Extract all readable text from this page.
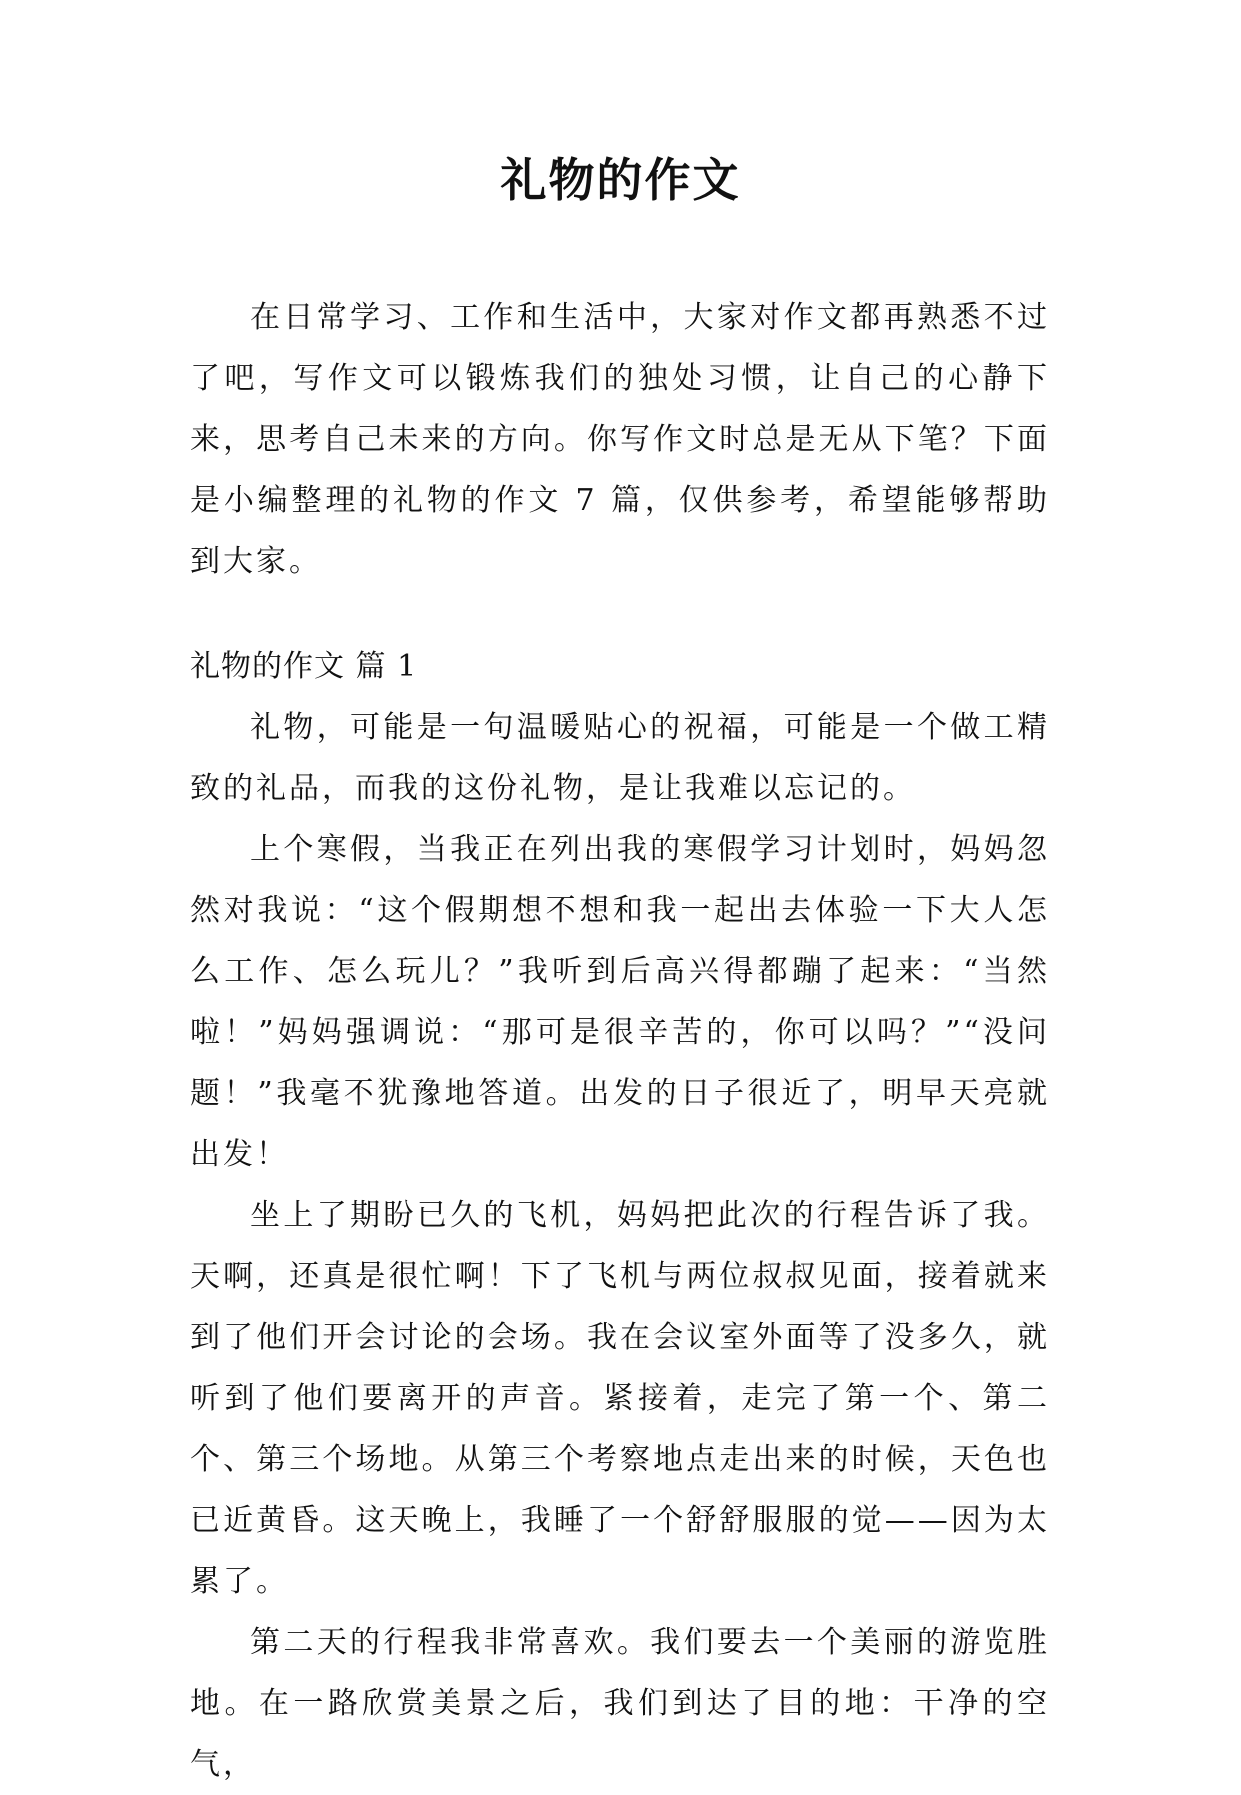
礼物的作文

在日常学习、工作和生活中，大家对作文都再熟悉不过了吧，写作文可以锻炼我们的独处习惯，让自己的心静下来，思考自己未来的方向。你写作文时总是无从下笔？下面是小编整理的礼物的作文 7 篇，仅供参考，希望能够帮助到大家。

礼物的作文 篇 1

礼物，可能是一句温暖贴心的祝福，可能是一个做工精致的礼品，而我的这份礼物，是让我难以忘记的。

上个寒假，当我正在列出我的寒假学习计划时，妈妈忽然对我说：“这个假期想不想和我一起出去体验一下大人怎么工作、怎么玩儿？”我听到后高兴得都蹦了起来：“当然啦！”妈妈强调说：“那可是很辛苦的，你可以吗？”“没问题！”我毫不犹豫地答道。出发的日子很近了，明早天亮就出发！

坐上了期盼已久的飞机，妈妈把此次的行程告诉了我。天啊，还真是很忙啊！下了飞机与两位叔叔见面，接着就来到了他们开会讨论的会场。我在会议室外面等了没多久，就听到了他们要离开的声音。紧接着，走完了第一个、第二个、第三个场地。从第三个考察地点走出来的时候，天色也已近黄昏。这天晚上，我睡了一个舒舒服服的觉——因为太累了。

第二天的行程我非常喜欢。我们要去一个美丽的游览胜地。在一路欣赏美景之后，我们到达了目的地：干净的空气，
